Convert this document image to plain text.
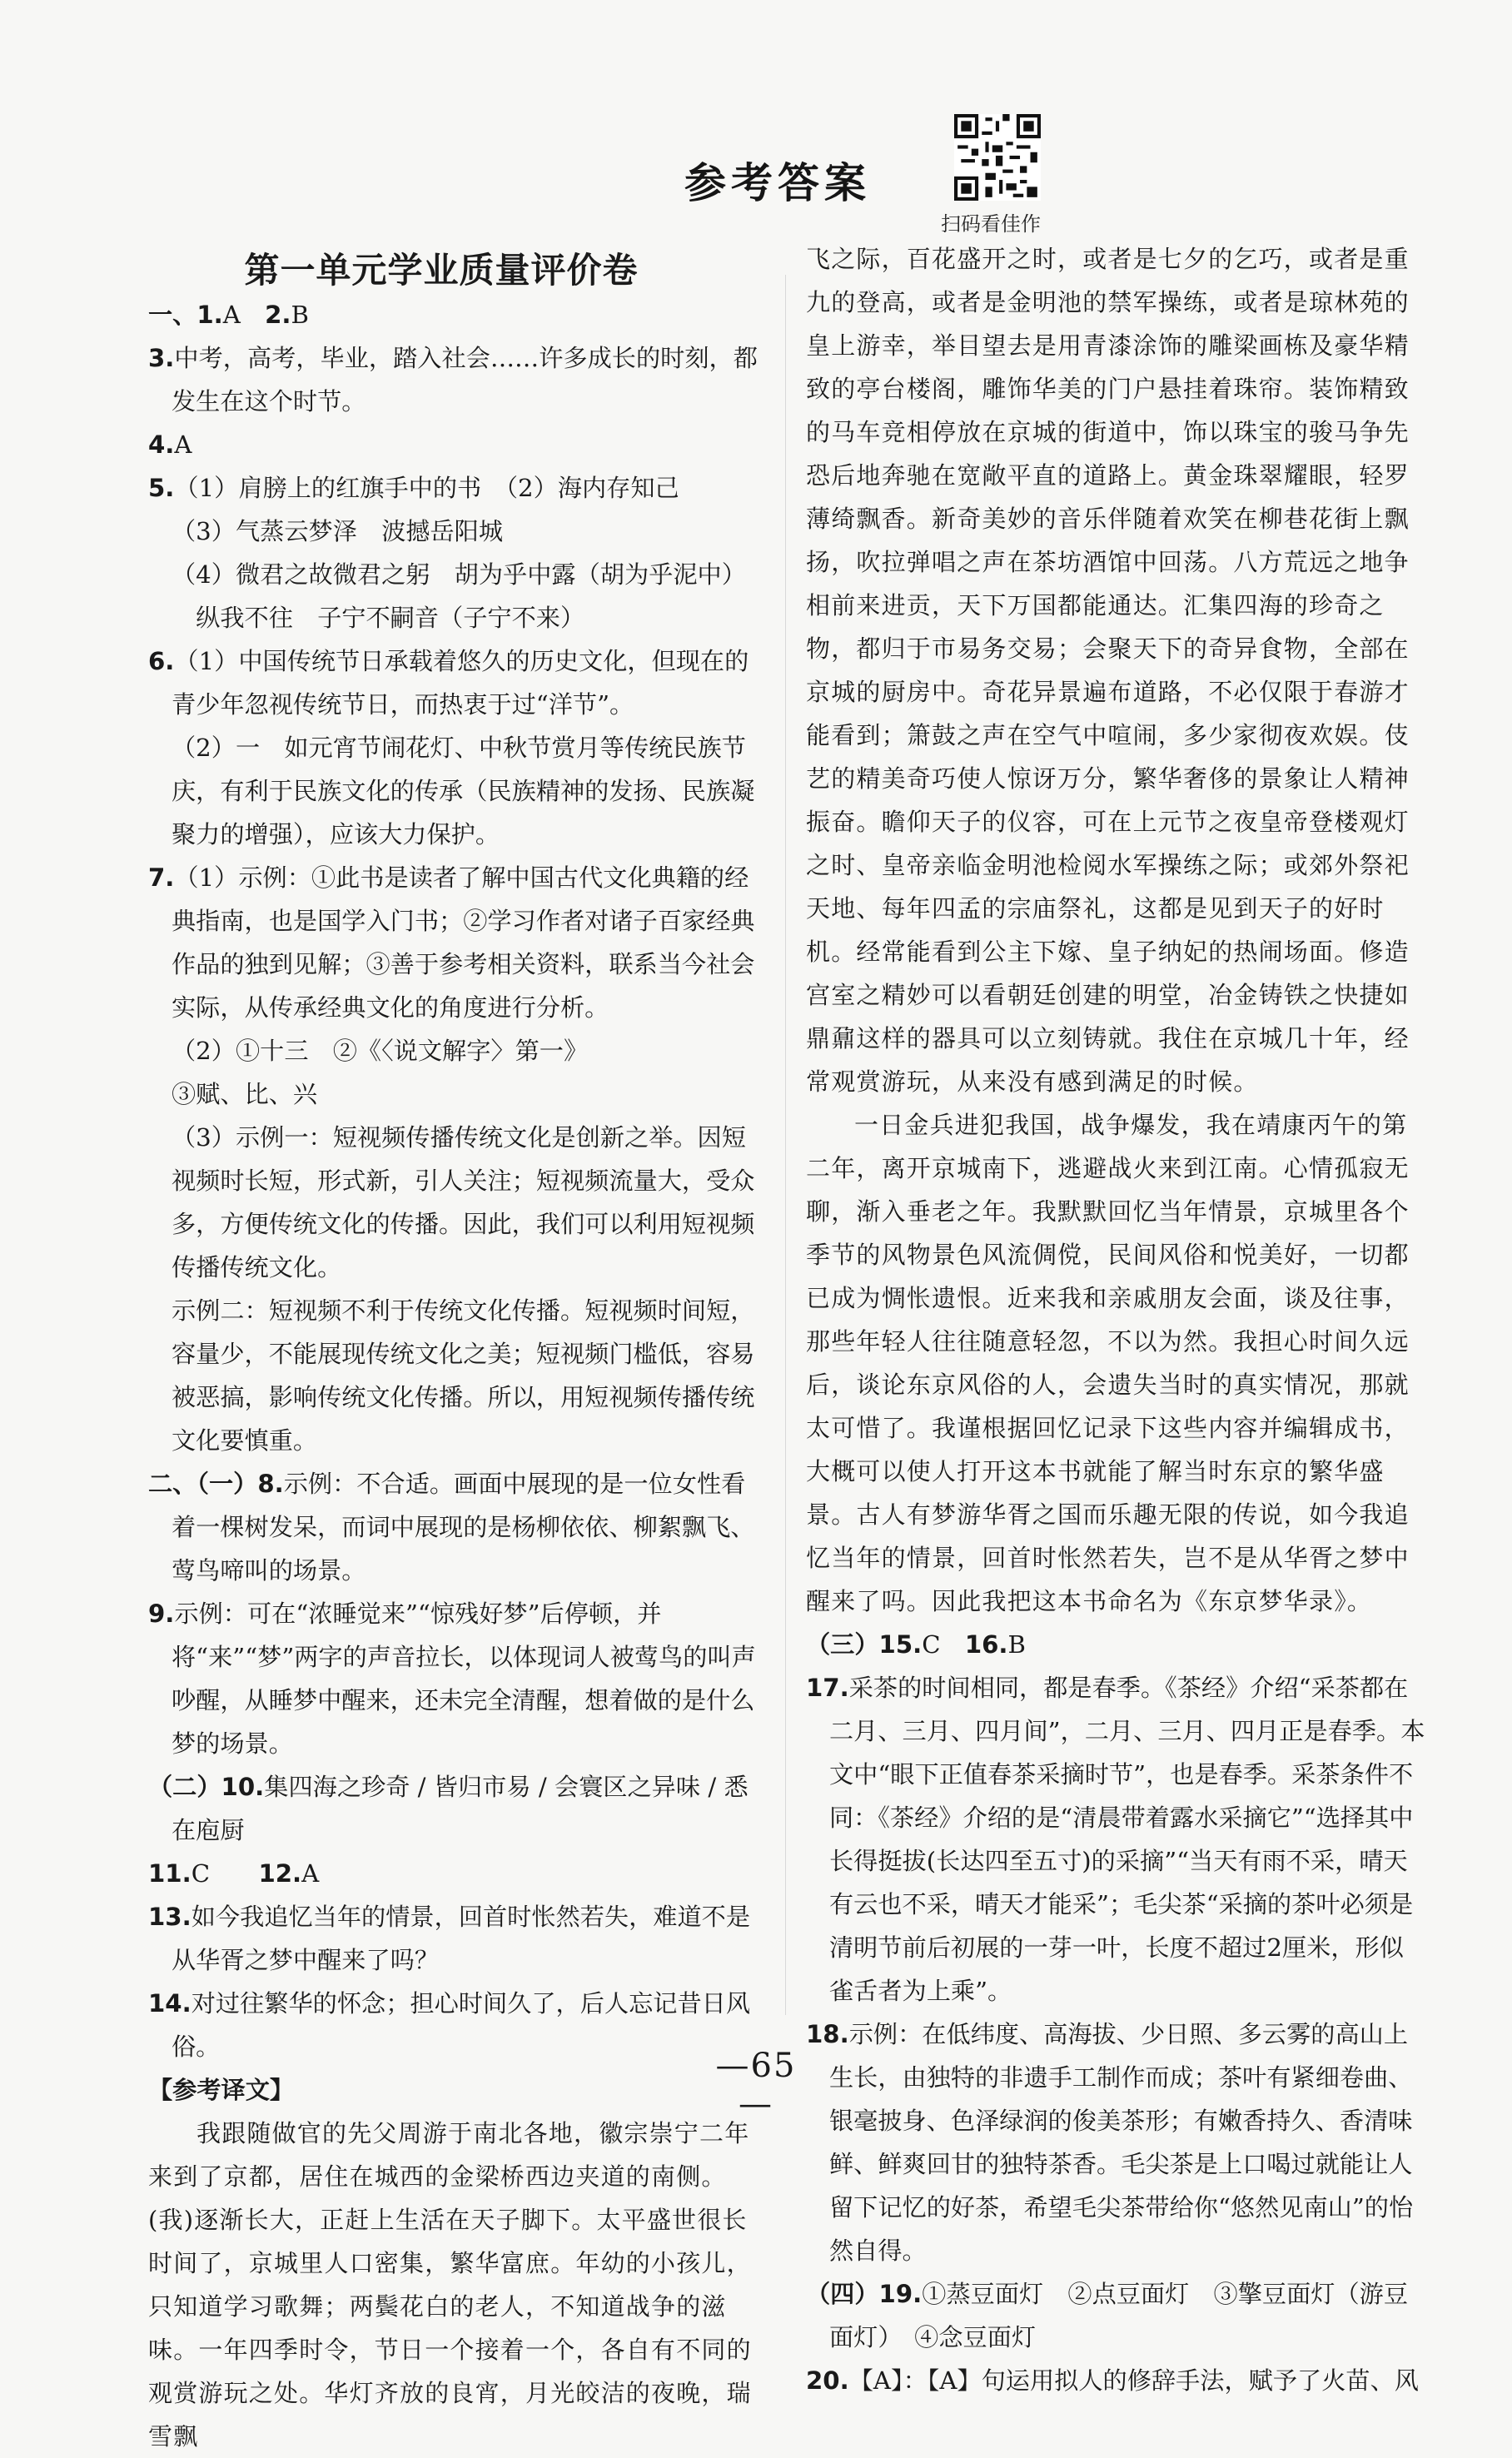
参考答案
扫码看佳作
第一单元学业质量评价卷

一、1.A　2.B

3.中考，高考，毕业，踏入社会……许多成长的时刻，都发生在这个时节。

4.A

5.（1）肩膀上的红旗手中的书　（2）海内存知己

（3）气蒸云梦泽　波撼岳阳城

（4）微君之故微君之躬　胡为乎中露（胡为乎泥中）

　纵我不往　子宁不嗣音（子宁不来）

6.（1）中国传统节日承载着悠久的历史文化，但现在的青少年忽视传统节日，而热衷于过“洋节”。

（2）一　如元宵节闹花灯、中秋节赏月等传统民族节庆，有利于民族文化的传承（民族精神的发扬、民族凝聚力的增强），应该大力保护。

7.（1）示例：①此书是读者了解中国古代文化典籍的经典指南，也是国学入门书；②学习作者对诸子百家经典作品的独到见解；③善于参考相关资料，联系当今社会实际，从传承经典文化的角度进行分析。

（2）①十三　②《〈说文解字〉第一》

③赋、比、兴

（3）示例一：短视频传播传统文化是创新之举。因短视频时长短，形式新，引人关注；短视频流量大，受众多，方便传统文化的传播。因此，我们可以利用短视频传播传统文化。

示例二：短视频不利于传统文化传播。短视频时间短，容量少，不能展现传统文化之美；短视频门槛低，容易被恶搞，影响传统文化传播。所以，用短视频传播传统文化要慎重。

二、（一）8.示例：不合适。画面中展现的是一位女性看着一棵树发呆，而词中展现的是杨柳依依、柳絮飘飞、莺鸟啼叫的场景。

9.示例：可在“浓睡觉来”“惊残好梦”后停顿，并将“来”“梦”两字的声音拉长，以体现词人被莺鸟的叫声吵醒，从睡梦中醒来，还未完全清醒，想着做的是什么梦的场景。

（二）10.集四海之珍奇 / 皆归市易 / 会寰区之异味 / 悉在庖厨

11.C　　12.A

13.如今我追忆当年的情景，回首时怅然若失，难道不是从华胥之梦中醒来了吗？

14.对过往繁华的怀念；担心时间久了，后人忘记昔日风俗。

【参考译文】

我跟随做官的先父周游于南北各地，徽宗崇宁二年来到了京都，居住在城西的金梁桥西边夹道的南侧。(我)逐渐长大，正赶上生活在天子脚下。太平盛世很长时间了，京城里人口密集，繁华富庶。年幼的小孩儿，只知道学习歌舞；两鬓花白的老人，不知道战争的滋味。一年四季时令，节日一个接着一个，各自有不同的观赏游玩之处。华灯齐放的良宵，月光皎洁的夜晚，瑞雪飘

飞之际，百花盛开之时，或者是七夕的乞巧，或者是重九的登高，或者是金明池的禁军操练，或者是琼林苑的皇上游幸，举目望去是用青漆涂饰的雕梁画栋及豪华精致的亭台楼阁，雕饰华美的门户悬挂着珠帘。装饰精致的马车竞相停放在京城的街道中，饰以珠宝的骏马争先恐后地奔驰在宽敞平直的道路上。黄金珠翠耀眼，轻罗薄绮飘香。新奇美妙的音乐伴随着欢笑在柳巷花街上飘扬，吹拉弹唱之声在茶坊酒馆中回荡。八方荒远之地争相前来进贡，天下万国都能通达。汇集四海的珍奇之物，都归于市易务交易；会聚天下的奇异食物，全部在京城的厨房中。奇花异景遍布道路，不必仅限于春游才能看到；箫鼓之声在空气中喧闹，多少家彻夜欢娱。伎艺的精美奇巧使人惊讶万分，繁华奢侈的景象让人精神振奋。瞻仰天子的仪容，可在上元节之夜皇帝登楼观灯之时、皇帝亲临金明池检阅水军操练之际；或郊外祭祀天地、每年四孟的宗庙祭礼，这都是见到天子的好时机。经常能看到公主下嫁、皇子纳妃的热闹场面。修造宫室之精妙可以看朝廷创建的明堂，冶金铸铁之快捷如鼎鼐这样的器具可以立刻铸就。我住在京城几十年，经常观赏游玩，从来没有感到满足的时候。

一日金兵进犯我国，战争爆发，我在靖康丙午的第二年，离开京城南下，逃避战火来到江南。心情孤寂无聊，渐入垂老之年。我默默回忆当年情景，京城里各个季节的风物景色风流倜傥，民间风俗和悦美好，一切都已成为惆怅遗恨。近来我和亲戚朋友会面，谈及往事，那些年轻人往往随意轻忽，不以为然。我担心时间久远后，谈论东京风俗的人，会遗失当时的真实情况，那就太可惜了。我谨根据回忆记录下这些内容并编辑成书，大概可以使人打开这本书就能了解当时东京的繁华盛景。古人有梦游华胥之国而乐趣无限的传说，如今我追忆当年的情景，回首时怅然若失，岂不是从华胥之梦中醒来了吗。因此我把这本书命名为《东京梦华录》。

（三）15.C　16.B

17.采茶的时间相同，都是春季。《茶经》介绍“采茶都在二月、三月、四月间”，二月、三月、四月正是春季。本文中“眼下正值春茶采摘时节”，也是春季。采茶条件不同：《茶经》介绍的是“清晨带着露水采摘它”“选择其中长得挺拔(长达四至五寸)的采摘”“当天有雨不采，晴天有云也不采，晴天才能采”；毛尖茶“采摘的茶叶必须是清明节前后初展的一芽一叶，长度不超过2厘米，形似雀舌者为上乘”。

18.示例：在低纬度、高海拔、少日照、多云雾的高山上生长，由独特的非遗手工制作而成；茶叶有紧细卷曲、银毫披身、色泽绿润的俊美茶形；有嫩香持久、香清味鲜、鲜爽回甘的独特茶香。毛尖茶是上口喝过就能让人留下记忆的好茶，希望毛尖茶带给你“悠然见南山”的怡然自得。

（四）19.①蒸豆面灯　②点豆面灯　③擎豆面灯（游豆面灯）　④念豆面灯

20.【A】：【A】句运用拟人的修辞手法，赋予了火苗、风

—65—
